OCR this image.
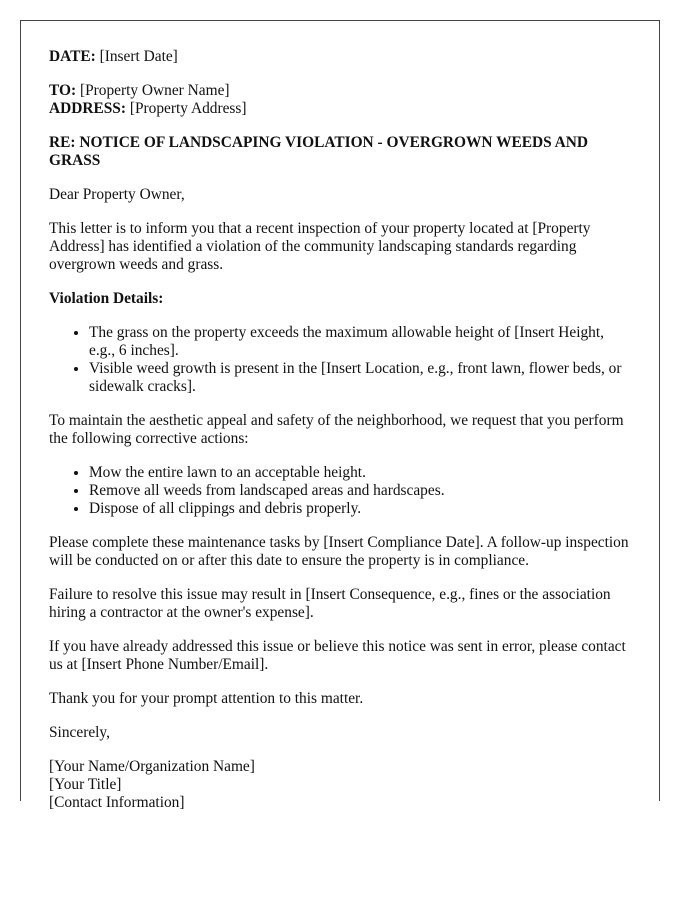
DATE: [Insert Date]

TO: [Property Owner Name]
ADDRESS: [Property Address]

RE: NOTICE OF LANDSCAPING VIOLATION - OVERGROWN WEEDS AND GRASS

Dear Property Owner,

This letter is to inform you that a recent inspection of your property located at [Property Address] has identified a violation of the community landscaping standards regarding overgrown weeds and grass.

Violation Details:

• The grass on the property exceeds the maximum allowable height of [Insert Height, e.g., 6 inches].
• Visible weed growth is present in the [Insert Location, e.g., front lawn, flower beds, or sidewalk cracks].

To maintain the aesthetic appeal and safety of the neighborhood, we request that you perform the following corrective actions:

• Mow the entire lawn to an acceptable height.
• Remove all weeds from landscaped areas and hardscapes.
• Dispose of all clippings and debris properly.

Please complete these maintenance tasks by [Insert Compliance Date]. A follow-up inspection will be conducted on or after this date to ensure the property is in compliance.

Failure to resolve this issue may result in [Insert Consequence, e.g., fines or the association hiring a contractor at the owner's expense].

If you have already addressed this issue or believe this notice was sent in error, please contact us at [Insert Phone Number/Email].

Thank you for your prompt attention to this matter.

Sincerely,

[Your Name/Organization Name]

[Your Title]

[Contact Information]
